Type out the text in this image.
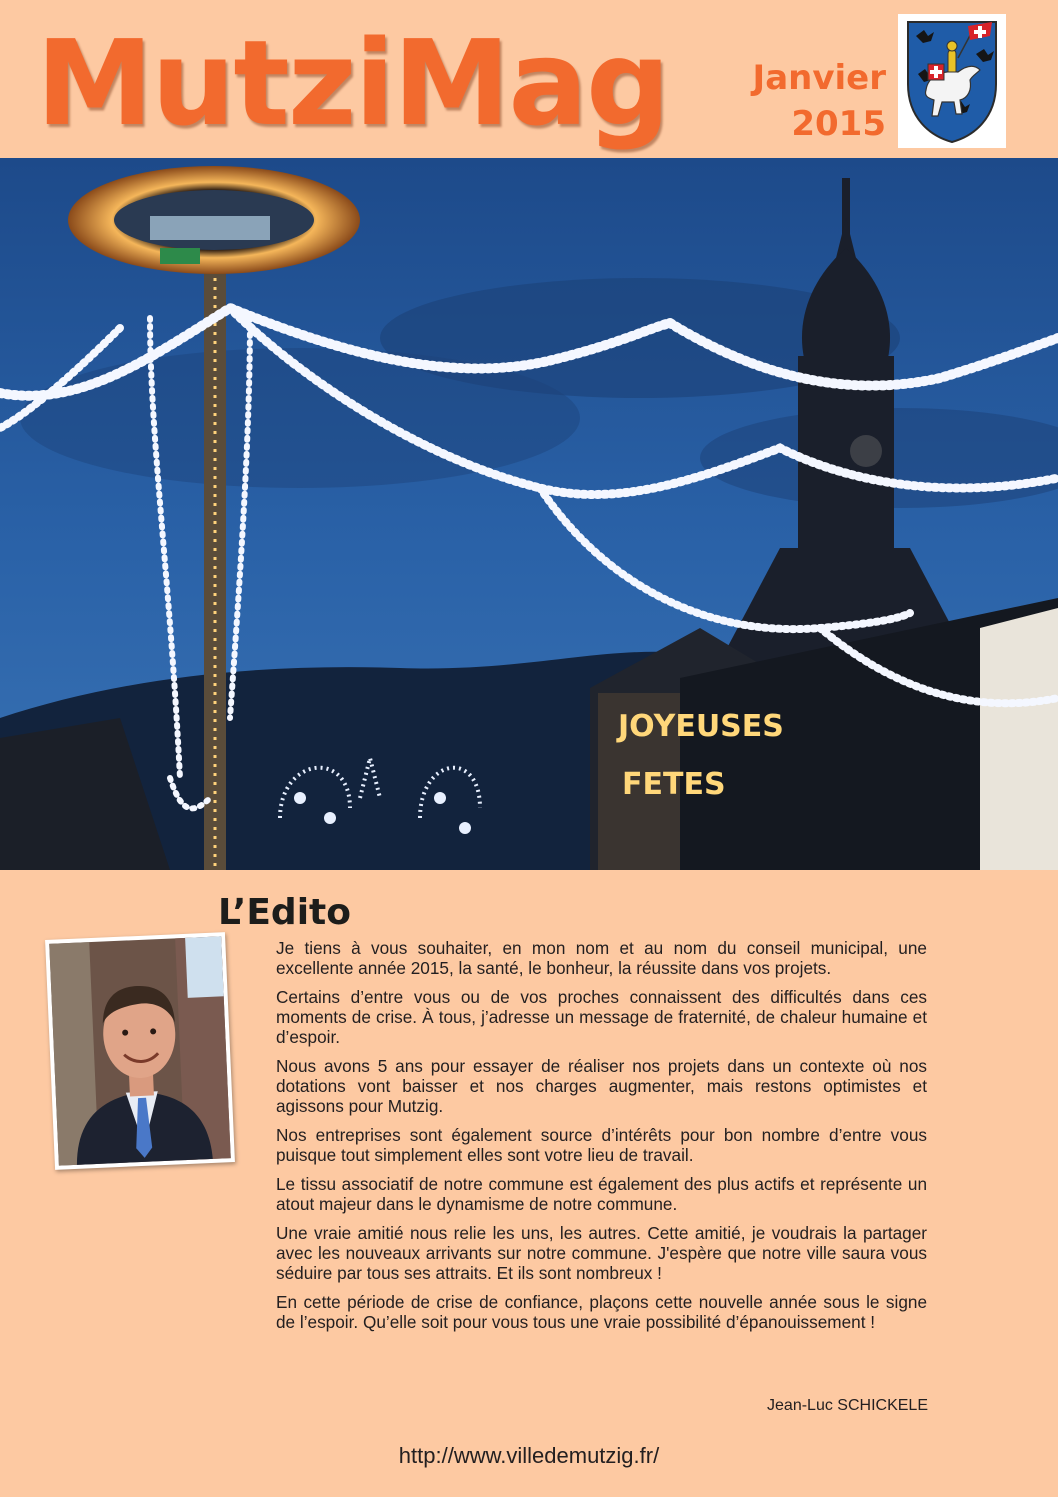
MutziMag Janvier
2015
JOYEUSES
FETES
L’Edito

Je tiens à vous souhaiter, en mon nom et au nom du conseil municipal, une excellente année 2015, la santé, le bonheur, la réussite dans vos projets.

Certains d’entre vous ou de vos proches connaissent des difficultés dans ces moments de crise. À tous, j’adresse un message de fraternité, de chaleur humaine et d’espoir.

Nous avons 5 ans pour essayer de réaliser nos projets dans un contexte où nos dotations vont baisser et nos charges augmenter, mais restons optimistes et agissons pour Mutzig.

Nos entreprises sont également source d’intérêts pour bon nombre d’entre vous puisque tout simplement elles sont votre lieu de travail.

Le tissu associatif de notre commune est également des plus actifs et représente un atout majeur dans le dynamisme de notre commune.

Une vraie amitié nous relie les uns, les autres. Cette amitié, je voudrais la partager avec les nouveaux arrivants sur notre commune. J'espère que notre ville saura vous séduire par tous ses attraits. Et ils sont nombreux !

En cette période de crise de confiance, plaçons cette nouvelle année sous le signe de l’espoir. Qu’elle soit pour vous tous une vraie possibilité d’épanouissement !

Jean-Luc SCHICKELE
http://www.villedemutzig.fr/
